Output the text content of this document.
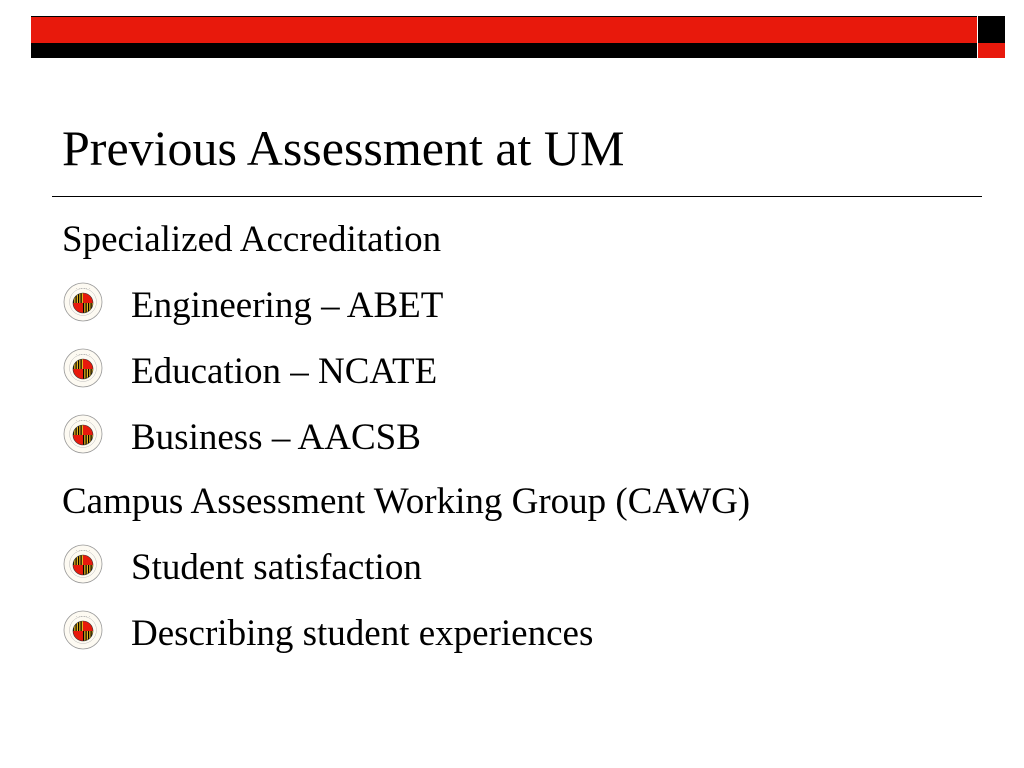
Previous Assessment at UM
Specialized Accreditation
· · · · · · Engineering – ABET
· · · · · · Education – NCATE
· · · · · · Business – AACSB
Campus Assessment Working Group (CAWG)
· · · · · · Student satisfaction
· · · · · · Describing student experiences
